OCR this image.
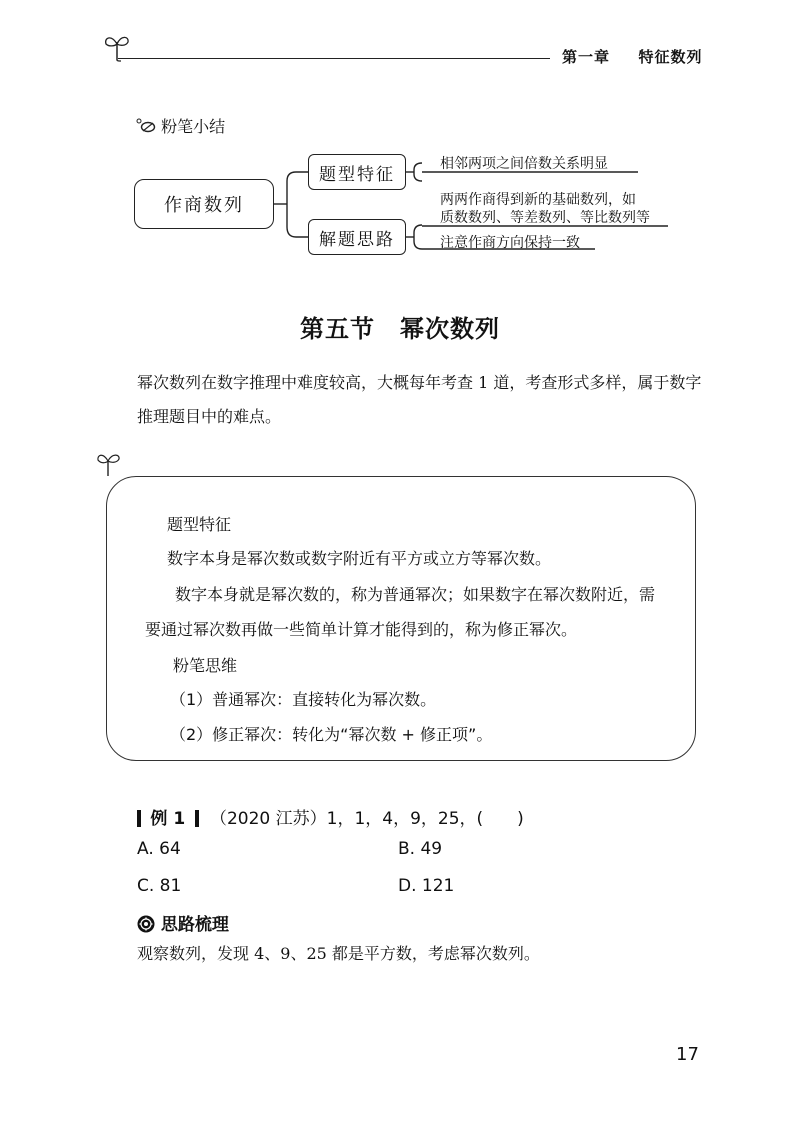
第一章 特征数列
粉笔小结
作商数列
题型特征
解题思路
相邻两项之间倍数关系明显
两两作商得到新的基础数列，如
质数数列、等差数列、等比数列等
注意作商方向保持一致
第五节　幂次数列
幂次数列在数字推理中难度较高，大概每年考查 1 道，考查形式多样，属于数字
推理题目中的难点。
题型特征
数字本身是幂次数或数字附近有平方或立方等幂次数。
数字本身就是幂次数的，称为普通幂次；如果数字在幂次数附近，需
要通过幂次数再做一些简单计算才能得到的，称为修正幂次。
粉笔思维
（1）普通幂次：直接转化为幂次数。
（2）修正幂次：转化为“幂次数 + 修正项”。
例 1 （2020 江苏）1，1，4，9，25，(　　)
A. 64	B. 49
C. 81	D. 121
思路梳理
观察数列，发现 4、9、25 都是平方数，考虑幂次数列。
17
